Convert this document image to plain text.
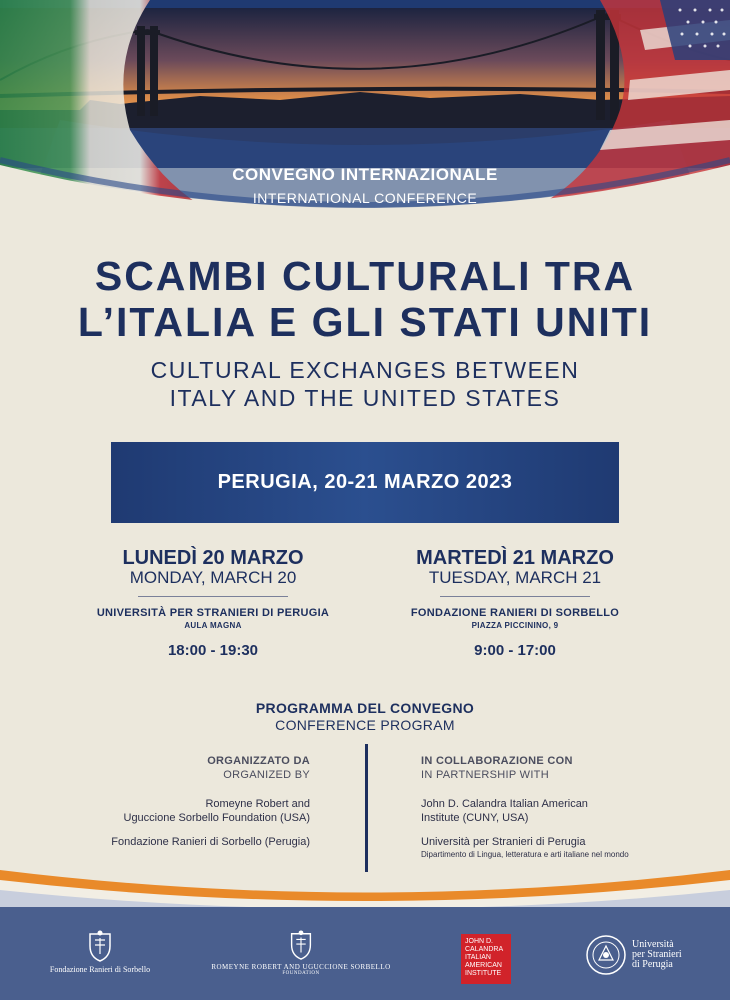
CONVEGNO INTERNAZIONALE
INTERNATIONAL CONFERENCE
SCAMBI CULTURALI TRA
L’ITALIA E GLI STATI UNITI
CULTURAL EXCHANGES BETWEEN
ITALY AND THE UNITED STATES
PERUGIA, 20-21 MARZO 2023
LUNEDÌ 20 MARZO
MONDAY, MARCH 20
UNIVERSITÀ PER STRANIERI DI PERUGIA
AULA MAGNA
18:00 - 19:30
MARTEDÌ 21 MARZO
TUESDAY, MARCH 21
FONDAZIONE RANIERI DI SORBELLO
PIAZZA PICCININO, 9
9:00 - 17:00
PROGRAMMA DEL CONVEGNO
CONFERENCE PROGRAM
ORGANIZZATO DA
ORGANIZED BY
Romeyne Robert and
Uguccione Sorbello Foundation (USA)
Fondazione Ranieri di Sorbello (Perugia)
IN COLLABORAZIONE CON
IN PARTNERSHIP WITH
John D. Calandra Italian American
Institute (CUNY, USA)
Università per Stranieri di Perugia
Dipartimento di Lingua, letteratura e arti italiane nel mondo
Fondazione Ranieri di Sorbello	ROMEYNE ROBERT AND UGUCCIONE SORBELLO
FOUNDATION
JOHN D.
CALANDRA
ITALIAN
AMERICAN
INSTITUTE
Università
per Stranieri
di Perugia
